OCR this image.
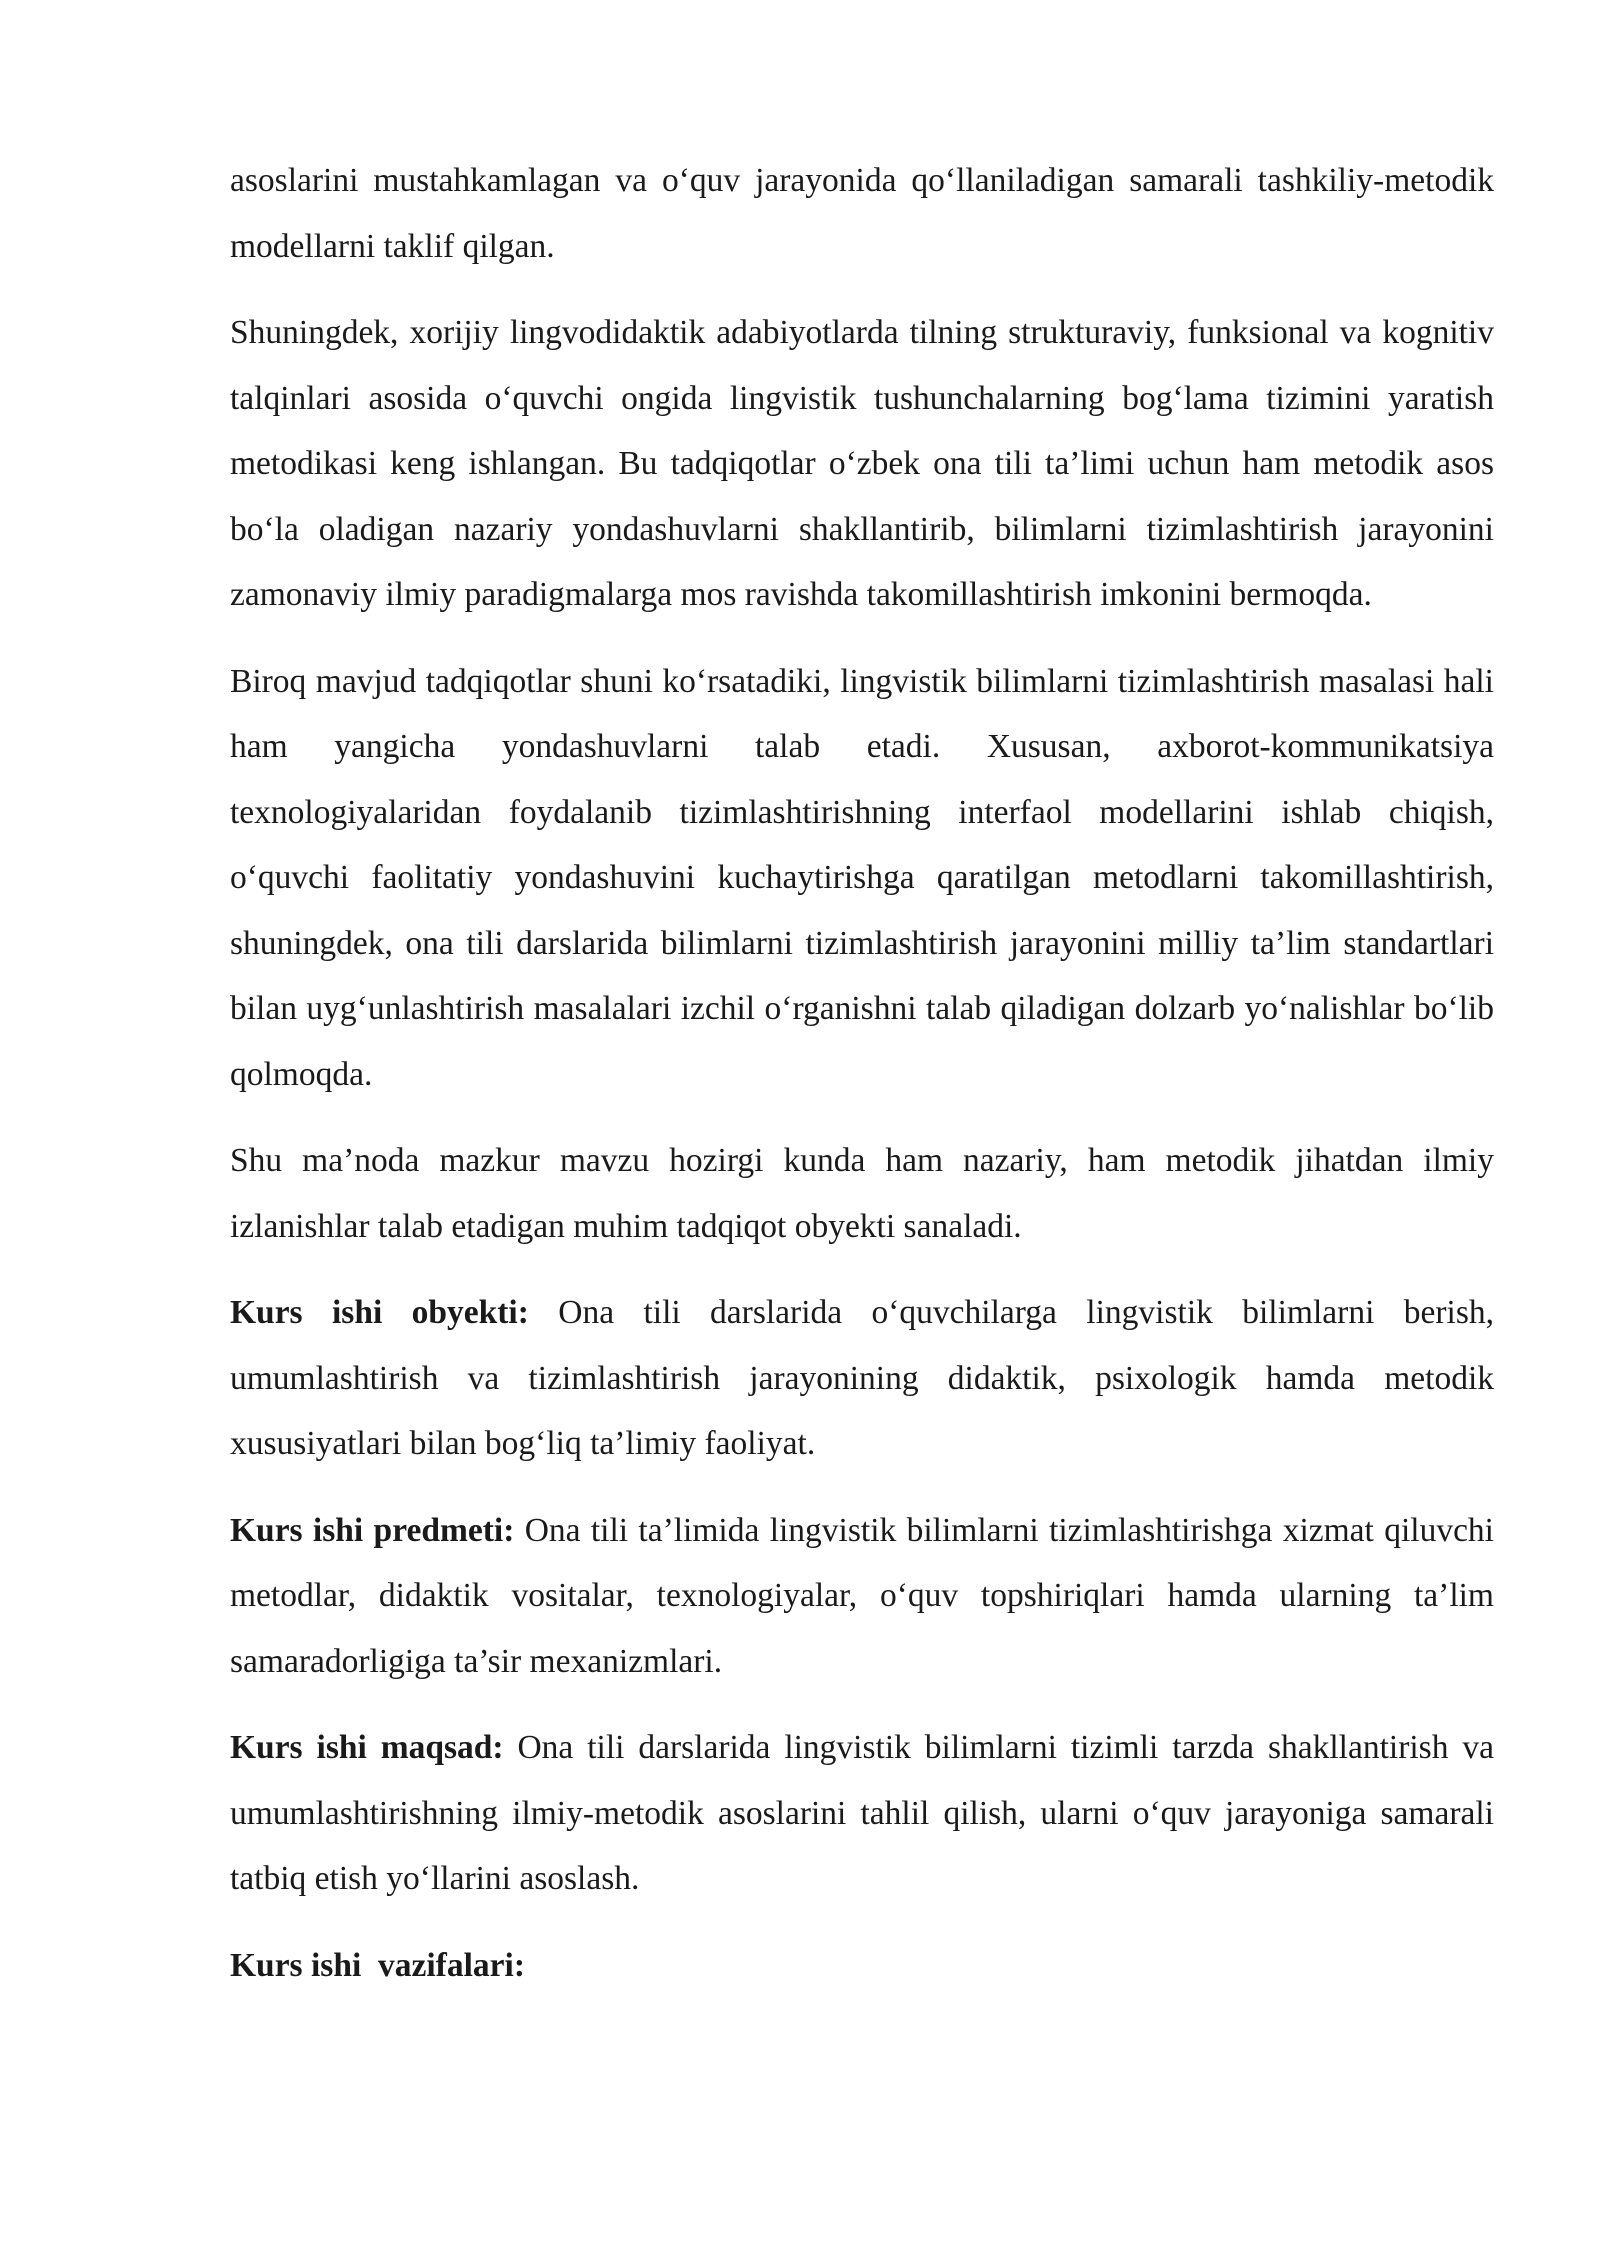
asoslarini mustahkamlagan va o‘quv jarayonida qo‘llaniladigan samarali tashkiliy-metodik modellarni taklif qilgan.

Shuningdek, xorijiy lingvodidaktik adabiyotlarda tilning strukturaviy, funksional va kognitiv talqinlari asosida o‘quvchi ongida lingvistik tushunchalarning bog‘lama tizimini yaratish metodikasi keng ishlangan. Bu tadqiqotlar o‘zbek ona tili ta’limi uchun ham metodik asos bo‘la oladigan nazariy yondashuvlarni shakllantirib, bilimlarni tizimlashtirish jarayonini zamonaviy ilmiy paradigmalarga mos ravishda takomillashtirish imkonini bermoqda.

Biroq mavjud tadqiqotlar shuni ko‘rsatadiki, lingvistik bilimlarni tizimlashtirish masalasi hali ham yangicha yondashuvlarni talab etadi. Xususan, axborot-kommunikatsiya texnologiyalaridan foydalanib tizimlashtirishning interfaol modellarini ishlab chiqish, o‘quvchi faolitatiy yondashuvini kuchaytirishga qaratilgan metodlarni takomillashtirish, shuningdek, ona tili darslarida bilimlarni tizimlashtirish jarayonini milliy ta’lim standartlari bilan uyg‘unlashtirish masalalari izchil o‘rganishni talab qiladigan dolzarb yo‘nalishlar bo‘lib qolmoqda.

Shu ma’noda mazkur mavzu hozirgi kunda ham nazariy, ham metodik jihatdan ilmiy izlanishlar talab etadigan muhim tadqiqot obyekti sanaladi.

Kurs ishi obyekti: Ona tili darslarida o‘quvchilarga lingvistik bilimlarni berish, umumlashtirish va tizimlashtirish jarayonining didaktik, psixologik hamda metodik xususiyatlari bilan bog‘liq ta’limiy faoliyat.

Kurs ishi predmeti: Ona tili ta’limida lingvistik bilimlarni tizimlashtirishga xizmat qiluvchi metodlar, didaktik vositalar, texnologiyalar, o‘quv topshiriqlari hamda ularning ta’lim samaradorligiga ta’sir mexanizmlari.

Kurs ishi maqsad: Ona tili darslarida lingvistik bilimlarni tizimli tarzda shakllantirish va umumlashtirishning ilmiy-metodik asoslarini tahlil qilish, ularni o‘quv jarayoniga samarali tatbiq etish yo‘llarini asoslash.

Kurs ishi  vazifalari:
